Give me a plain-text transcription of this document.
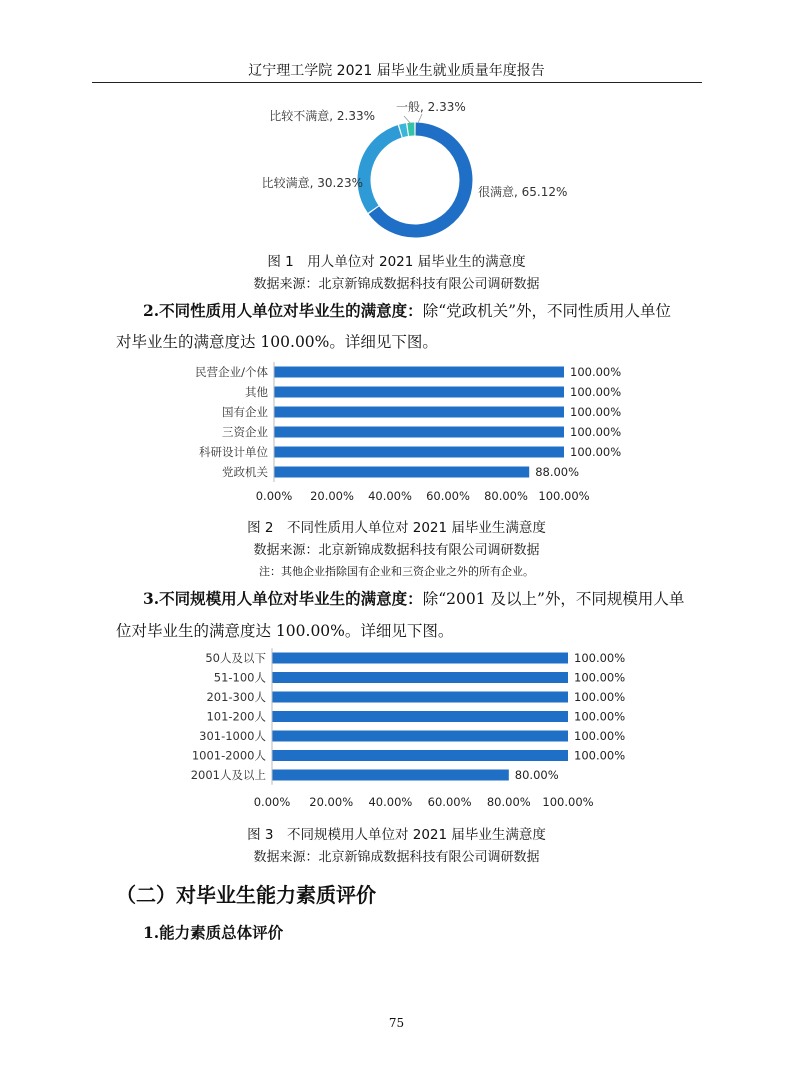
辽宁理工学院 2021 届毕业生就业质量年度报告
很满意, 65.12%
比较满意, 30.23%
比较不满意, 2.33%
一般, 2.33%
图 1　用人单位对 2021 届毕业生的满意度
数据来源：北京新锦成数据科技有限公司调研数据
2.不同性质用人单位对毕业生的满意度：除“党政机关”外，不同性质用人单位
对毕业生的满意度达 100.00%。详细见下图。
民营企业/个体	100.00%
其他	100.00%
国有企业	100.00%
三资企业	100.00%
科研设计单位	100.00%
党政机关	88.00%
0.00% 20.00% 40.00% 60.00% 80.00% 100.00%
图 2　不同性质用人单位对 2021 届毕业生满意度
数据来源：北京新锦成数据科技有限公司调研数据
注：其他企业指除国有企业和三资企业之外的所有企业。
3.不同规模用人单位对毕业生的满意度：除“2001 及以上”外，不同规模用人单
位对毕业生的满意度达 100.00%。详细见下图。
50人及以下	100.00%
51-100人	100.00%
201-300人	100.00%
101-200人	100.00%
301-1000人	100.00%
1001-2000人	100.00%
2001人及以上	80.00%
0.00% 20.00% 40.00% 60.00% 80.00% 100.00%
图 3　不同规模用人单位对 2021 届毕业生满意度
数据来源：北京新锦成数据科技有限公司调研数据
（二）对毕业生能力素质评价
1.能力素质总体评价
75
